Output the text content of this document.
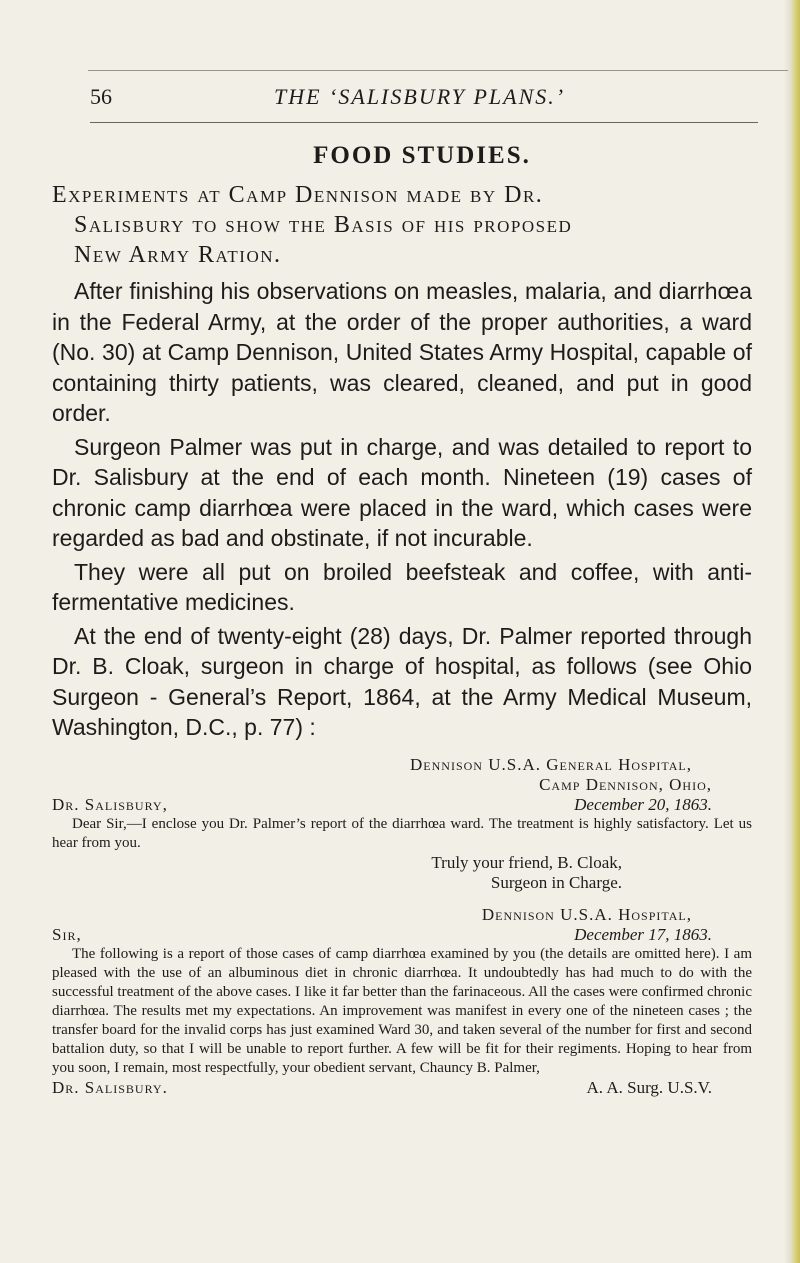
56	THE ‘SALISBURY PLANS.’
FOOD STUDIES.
Experiments at Camp Dennison made by Dr.
Salisbury to show the Basis of his proposed
New Army Ration.

After finishing his observations on measles, malaria, and diarrhœa in the Federal Army, at the order of the proper authorities, a ward (No. 30) at Camp Dennison, United States Army Hospital, capable of containing thirty patients, was cleared, cleaned, and put in good order.

Surgeon Palmer was put in charge, and was detailed to report to Dr. Salisbury at the end of each month. Nineteen (19) cases of chronic camp diarrhœa were placed in the ward, which cases were regarded as bad and obstinate, if not incurable.

They were all put on broiled beefsteak and coffee, with anti-fermentative medicines.

At the end of twenty-eight (28) days, Dr. Palmer reported through Dr. B. Cloak, surgeon in charge of hospital, as follows (see Ohio Surgeon - General’s Report, 1864, at the Army Medical Museum, Washington, D.C., p. 77) :

Dennison U.S.A. General Hospital,
Camp Dennison, Ohio,
Dr. Salisbury,	December 20, 1863.
Dear Sir,—I enclose you Dr. Palmer’s report of the diarrhœa ward. The treatment is highly satisfactory. Let us hear from you.
Truly your friend, B. Cloak,
Surgeon in Charge.
Dennison U.S.A. Hospital,
Sir,	December 17, 1863.
The following is a report of those cases of camp diarrhœa examined by you (the details are omitted here). I am pleased with the use of an albuminous diet in chronic diarrhœa. It undoubtedly has had much to do with the successful treatment of the above cases. I like it far better than the farinaceous. All the cases were confirmed chronic diarrhœa. The results met my expectations. An improvement was manifest in every one of the nineteen cases ; the transfer board for the invalid corps has just examined Ward 30, and taken several of the number for first and second battalion duty, so that I will be unable to report further. A few will be fit for their regiments. Hoping to hear from you soon, I remain, most respectfully, your obedient servant, Chauncy B. Palmer,
Dr. Salisbury.	A. A. Surg. U.S.V.
